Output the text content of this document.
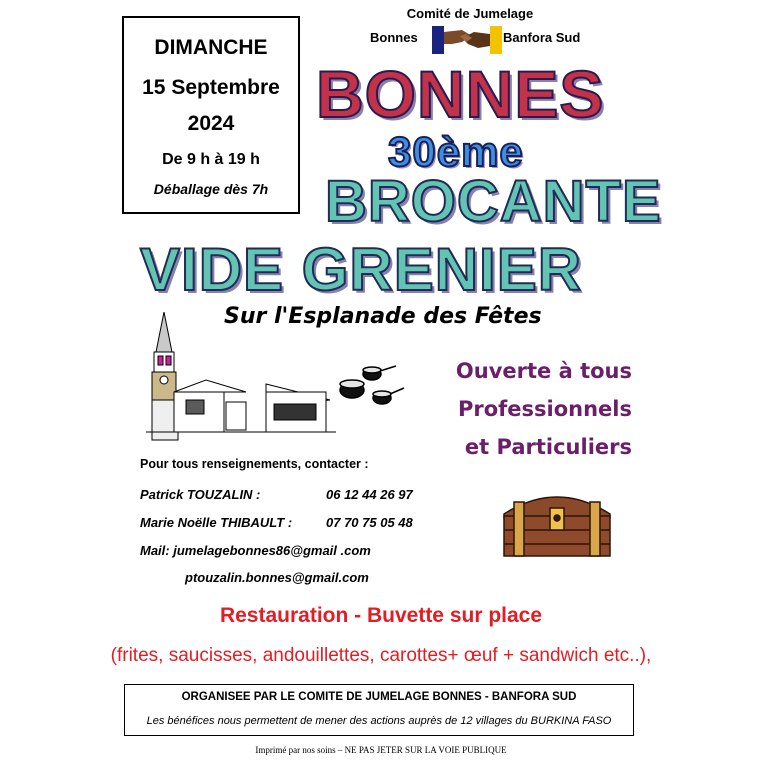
DIMANCHE
15 Septembre
2024
De 9 h à 19 h
Déballage dès 7h
Comité de Jumelage
Bonnes	Banfora Sud
BONNES
30ème
BROCANTE
VIDE GRENIER
Sur l'Esplanade des Fêtes
Ouverte à tous
Professionnels
et Particuliers
Pour tous renseignements, contacter :
Patrick TOUZALIN :	06 12 44 26 97
Marie Noëlle THIBAULT :	07 70 75 05 48
Mail: jumelagebonnes86@gmail .com
ptouzalin.bonnes@gmail.com
Restauration - Buvette sur place
(frites, saucisses, andouillettes, carottes+ œuf + sandwich etc..),
ORGANISEE PAR LE COMITE DE JUMELAGE BONNES - BANFORA SUD
Les bénéfices nous permettent de mener des actions auprès de 12 villages du BURKINA FASO
Imprimé par nos soins – NE PAS JETER SUR LA VOIE PUBLIQUE
